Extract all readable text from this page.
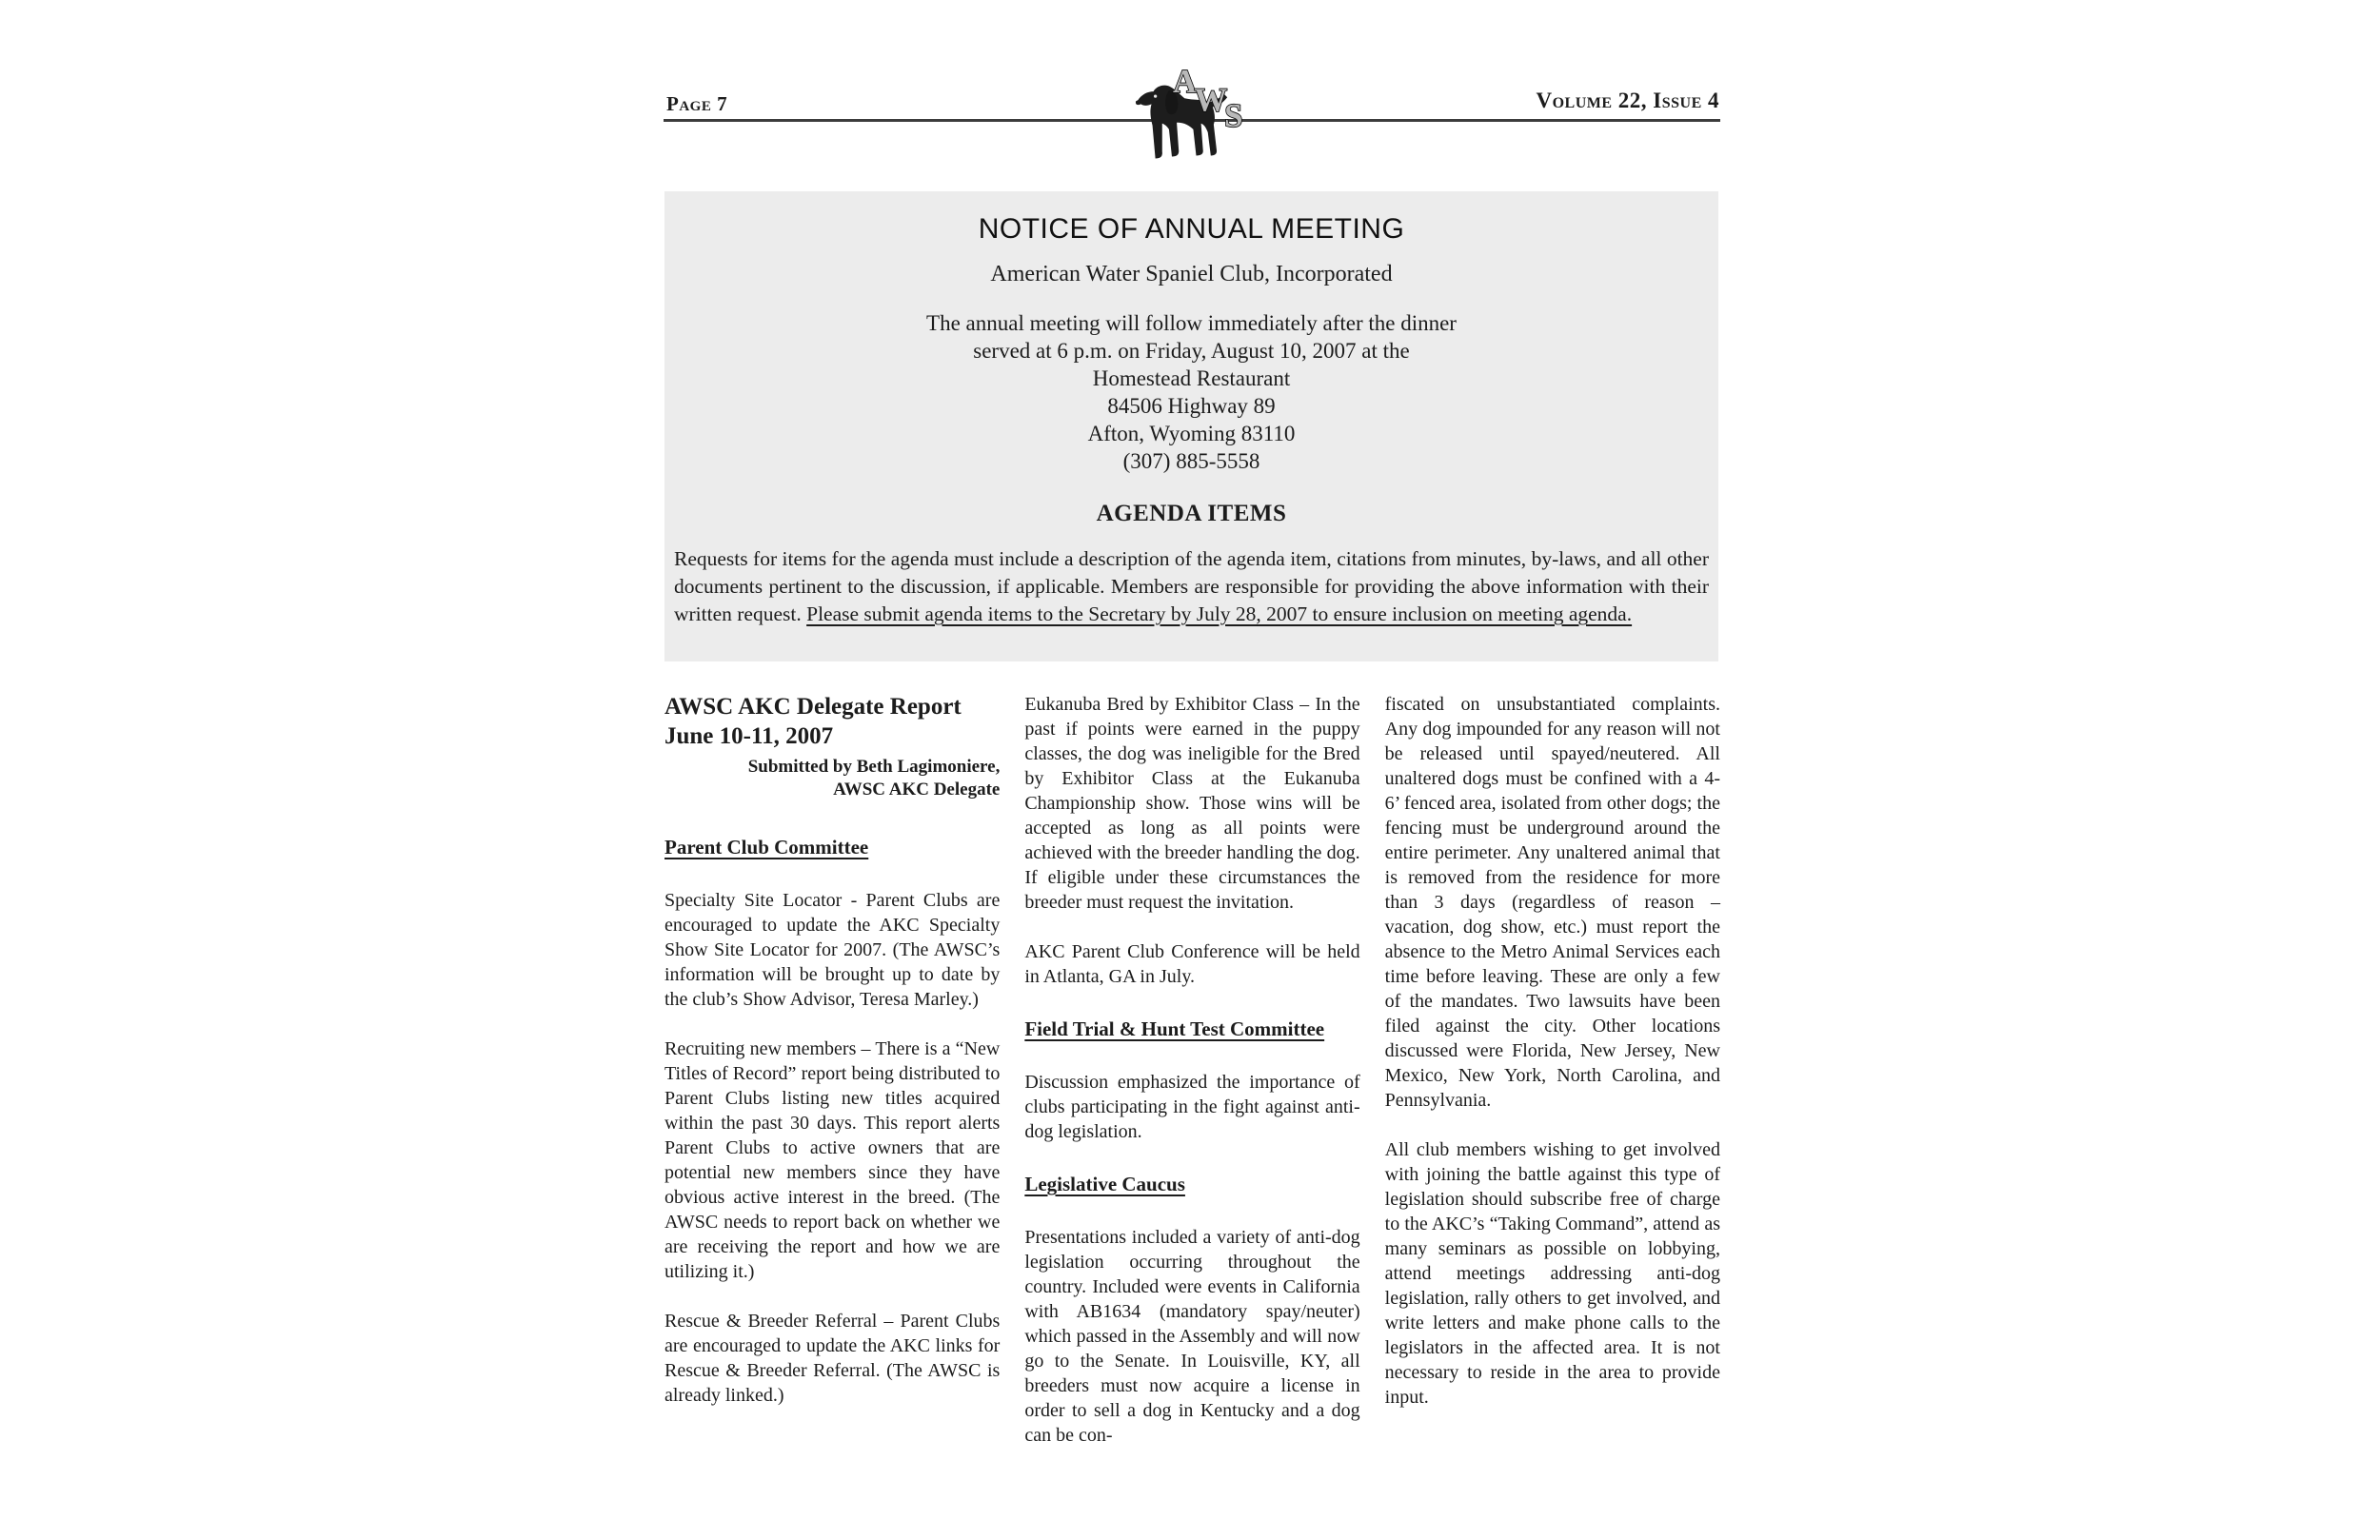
Page 7	Volume 22, Issue 4
A
W
S
NOTICE OF ANNUAL MEETING
American Water Spaniel Club, Incorporated
The annual meeting will follow immediately after the dinner
served at 6 p.m. on Friday, August 10, 2007 at the
Homestead Restaurant
84506 Highway 89
Afton, Wyoming 83110
(307) 885-5558
AGENDA ITEMS

Requests for items for the agenda must include a description of the agenda item, citations from minutes, by-laws, and all other documents pertinent to the discussion, if applicable. Members are responsible for providing the above information with their written request. Please submit agenda items to the Secretary by July 28, 2007 to ensure inclusion on meeting agenda.

AWSC AKC Delegate Report
June 10-11, 2007
Submitted by Beth Lagimoniere,
AWSC AKC Delegate
Parent Club Committee

Specialty Site Locator - Parent Clubs are encouraged to update the AKC Specialty Show Site Locator for 2007. (The AWSC’s information will be brought up to date by the club’s Show Advisor, Teresa Marley.)

Recruiting new members – There is a “New Titles of Record” report being distributed to Parent Clubs listing new titles acquired within the past 30 days. This report alerts Parent Clubs to active owners that are potential new members since they have obvious active interest in the breed. (The AWSC needs to report back on whether we are receiving the report and how we are utilizing it.)

Rescue & Breeder Referral – Parent Clubs are encouraged to update the AKC links for Rescue & Breeder Referral. (The AWSC is already linked.)

Eukanuba Bred by Exhibitor Class – In the past if points were earned in the puppy classes, the dog was ineligible for the Bred by Exhibitor Class at the Eukanuba Championship show. Those wins will be accepted as long as all points were achieved with the breeder handling the dog. If eligible under these circumstances the breeder must request the invitation.

AKC Parent Club Conference will be held in Atlanta, GA in July.

Field Trial & Hunt Test Committee

Discussion emphasized the importance of clubs participating in the fight against anti-dog legislation.

Legislative Caucus

Presentations included a variety of anti-dog legislation occurring throughout the country. Included were events in California with AB1634 (mandatory spay/neuter) which passed in the Assembly and will now go to the Senate. In Louisville, KY, all breeders must now acquire a license in order to sell a dog in Kentucky and a dog can be con-

fiscated on unsubstantiated complaints. Any dog impounded for any reason will not be released until spayed/neutered. All unaltered dogs must be confined with a 4-6’ fenced area, isolated from other dogs; the fencing must be underground around the entire perimeter. Any unaltered animal that is removed from the residence for more than 3 days (regardless of reason – vacation, dog show, etc.) must report the absence to the Metro Animal Services each time before leaving. These are only a few of the mandates. Two lawsuits have been filed against the city. Other locations discussed were Florida, New Jersey, New Mexico, New York, North Carolina, and Pennsylvania.

All club members wishing to get involved with joining the battle against this type of legislation should subscribe free of charge to the AKC’s “Taking Command”, attend as many seminars as possible on lobbying, attend meetings addressing anti-dog legislation, rally others to get involved, and write letters and make phone calls to the legislators in the affected area. It is not necessary to reside in the area to provide input.
